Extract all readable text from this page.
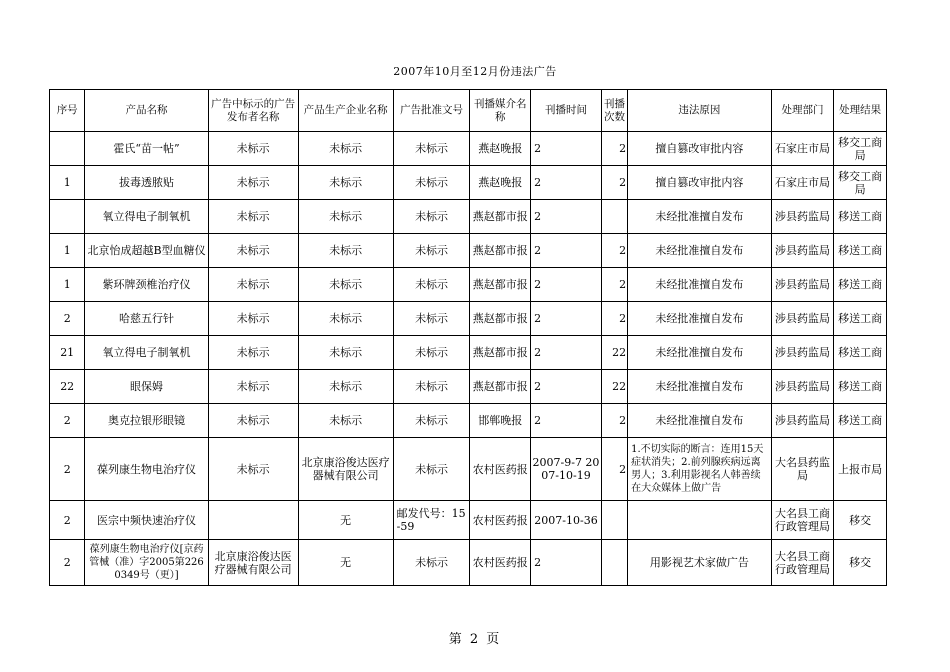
2007年10月至12月份违法广告
序号	产品名称	广告中标示的广告发布者名称	产品生产企业名称	广告批准文号	刊播媒介名称	刊播时间	刊播次数	违法原因	处理部门	处理结果
	霍氏“苗一帖”	未标示	未标示	未标示	燕赵晚报	2	2	擅自篡改审批内容	石家庄市局	移交工商局
1	拔毒透脓贴	未标示	未标示	未标示	燕赵晚报	2	2	擅自篡改审批内容	石家庄市局	移交工商局
	氧立得电子制氧机	未标示	未标示	未标示	燕赵都市报	2		未经批准擅自发布	涉县药监局	移送工商
1	北京怡成超越B型血糖仪	未标示	未标示	未标示	燕赵都市报	2	2	未经批准擅自发布	涉县药监局	移送工商
1	紫环牌颈椎治疗仪	未标示	未标示	未标示	燕赵都市报	2	2	未经批准擅自发布	涉县药监局	移送工商
2	哈慈五行针	未标示	未标示	未标示	燕赵都市报	2	2	未经批准擅自发布	涉县药监局	移送工商
21	氧立得电子制氧机	未标示	未标示	未标示	燕赵都市报	2	22	未经批准擅自发布	涉县药监局	移送工商
22	眼保姆	未标示	未标示	未标示	燕赵都市报	2	22	未经批准擅自发布	涉县药监局	移送工商
2	奥克拉银形眼镜	未标示	未标示	未标示	邯郸晚报	2	2	未经批准擅自发布	涉县药监局	移送工商
2	葆列康生物电治疗仪	未标示	北京康浴俊达医疗器械有限公司	未标示	农村医药报	2007-9-7 2007-10-19	2	1.不切实际的断言：连用15天症状消失；2.前列腺疾病远离男人；3.利用影视名人韩善续在大众媒体上做广告	大名县药监局	上报市局
2	医宗中频快速治疗仪		无	邮发代号：15-59	农村医药报	2007-10-36			大名县工商行政管理局	移交
2	葆列康生物电治疗仪[京药管械（准）字2005第2260349号（更）]	北京康浴俊达医疗器械有限公司	无	未标示	农村医药报	2		用影视艺术家做广告	大名县工商行政管理局	移交
第 2 页
